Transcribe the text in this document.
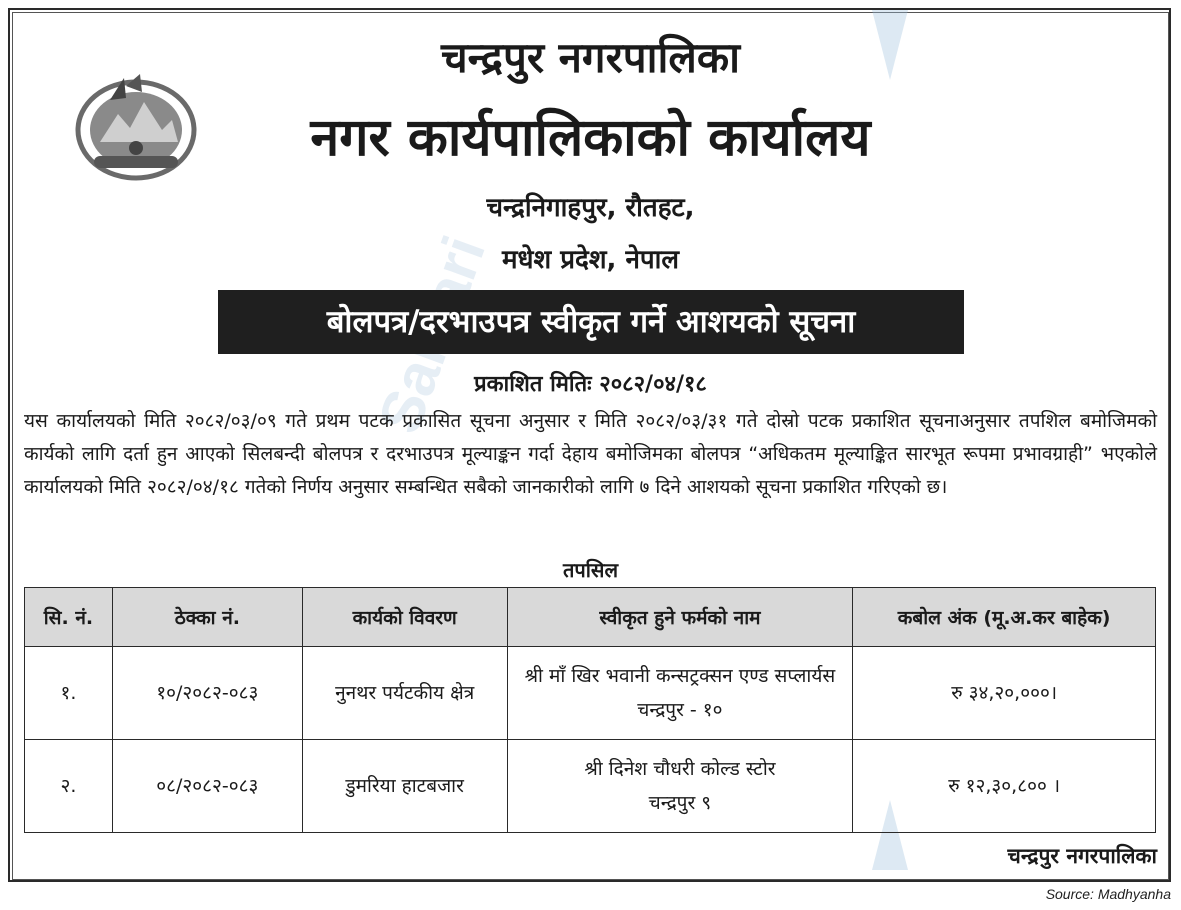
चन्द्रपुर नगरपालिका
नगर कार्यपालिकाको कार्यालय
चन्द्रनिगाहपुर, रौतहट,
मधेश प्रदेश, नेपाल
बोलपत्र/दरभाउपत्र स्वीकृत गर्ने आशयको सूचना
प्रकाशित मितिः २०८२/०४/१८
यस कार्यालयको मिति २०८२/०३/०९ गते प्रथम पटक प्रकासित सूचना अनुसार र मिति २०८२/०३/३१ गते दोस्रो पटक प्रकाशित सूचनाअनुसार तपशिल बमोजिमको कार्यको लागि दर्ता हुन आएको सिलबन्दी बोलपत्र र दरभाउपत्र मूल्याङ्कन गर्दा देहाय बमोजिमका बोलपत्र “अधिकतम मूल्याङ्कित सारभूत रूपमा प्रभावग्राही” भएकोले कार्यालयको मिति २०८२/०४/१८ गतेको निर्णय अनुसार सम्बन्धित सबैको जानकारीको लागि ७ दिने आशयको सूचना प्रकाशित गरिएको छ।
तपसिल
सि. नं.	ठेक्का नं.	कार्यको विवरण	स्वीकृत हुने फर्मको नाम	कबोल अंक (मू.अ.कर बाहेक)
१.	१०/२०८२-०८३	नुनथर पर्यटकीय क्षेत्र	श्री माँ खिर भवानी कन्सट्रक्सन एण्ड सप्लार्यस चन्द्रपुर - १०	रु ३४,२०,०००।
२.	०८/२०८२-०८३	डुमरिया हाटबजार	श्री दिनेश चौधरी कोल्ड स्टोर चन्द्रपुर ९	रु १२,३०,८०० ।
चन्द्रपुर नगरपालिका
Source: Madhyanha
